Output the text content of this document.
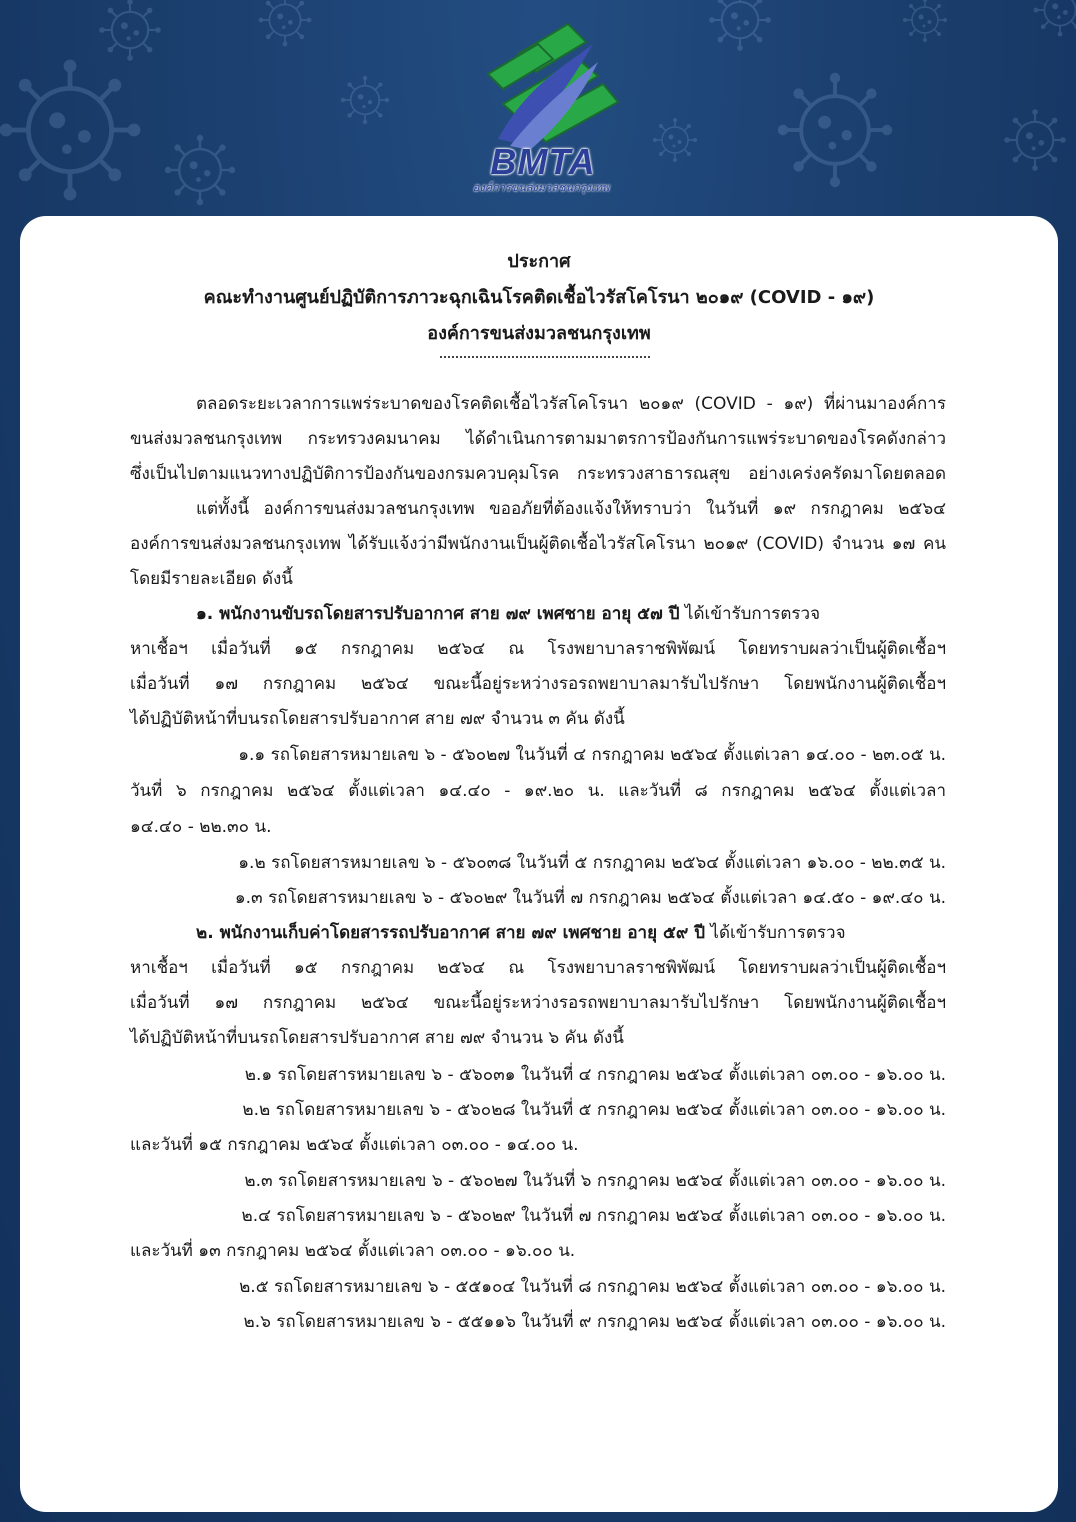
BMTA
องค์การขนส่งมวลชนกรุงเทพ
ประกาศ
คณะทำงานศูนย์ปฏิบัติการภาวะฉุกเฉินโรคติดเชื้อไวรัสโคโรนา ๒๐๑๙ (COVID - ๑๙)
องค์การขนส่งมวลชนกรุงเทพ
ตลอดระยะเวลาการแพร่ระบาดของโรคติดเชื้อไวรัสโคโรนา ๒๐๑๙ (COVID - ๑๙) ที่ผ่านมาองค์การ
ขนส่งมวลชนกรุงเทพ กระทรวงคมนาคม ได้ดำเนินการตามมาตรการป้องกันการแพร่ระบาดของโรคดังกล่าว
ซึ่งเป็นไปตามแนวทางปฏิบัติการป้องกันของกรมควบคุมโรค กระทรวงสาธารณสุข อย่างเคร่งครัดมาโดยตลอด
แต่ทั้งนี้ องค์การขนส่งมวลชนกรุงเทพ ขออภัยที่ต้องแจ้งให้ทราบว่า ในวันที่ ๑๙ กรกฎาคม ๒๕๖๔
องค์การขนส่งมวลชนกรุงเทพ ได้รับแจ้งว่ามีพนักงานเป็นผู้ติดเชื้อไวรัสโคโรนา ๒๐๑๙ (COVID) จำนวน ๑๗ คน
โดยมีรายละเอียด ดังนี้
๑. พนักงานขับรถโดยสารปรับอากาศ สาย ๗๙ เพศชาย อายุ ๕๗ ปี ได้เข้ารับการตรวจ
หาเชื้อฯ เมื่อวันที่ ๑๕ กรกฎาคม ๒๕๖๔ ณ โรงพยาบาลราชพิพัฒน์ โดยทราบผลว่าเป็นผู้ติดเชื้อฯ
เมื่อวันที่ ๑๗ กรกฎาคม ๒๕๖๔ ขณะนี้อยู่ระหว่างรอรถพยาบาลมารับไปรักษา โดยพนักงานผู้ติดเชื้อฯ
ได้ปฏิบัติหน้าที่บนรถโดยสารปรับอากาศ สาย ๗๙ จำนวน ๓ คัน ดังนี้
๑.๑ รถโดยสารหมายเลข ๖ - ๕๖๐๒๗ ในวันที่ ๔ กรกฎาคม ๒๕๖๔ ตั้งแต่เวลา ๑๔.๐๐ - ๒๓.๐๕ น.
วันที่ ๖ กรกฎาคม ๒๕๖๔ ตั้งแต่เวลา ๑๔.๔๐ - ๑๙.๒๐ น. และวันที่ ๘ กรกฎาคม ๒๕๖๔ ตั้งแต่เวลา
๑๔.๔๐ - ๒๒.๓๐ น.
๑.๒ รถโดยสารหมายเลข ๖ - ๕๖๐๓๘ ในวันที่ ๕ กรกฎาคม ๒๕๖๔ ตั้งแต่เวลา ๑๖.๐๐ - ๒๒.๓๕ น.
๑.๓ รถโดยสารหมายเลข ๖ - ๕๖๐๒๙ ในวันที่ ๗ กรกฎาคม ๒๕๖๔ ตั้งแต่เวลา ๑๔.๕๐ - ๑๙.๔๐ น.
๒. พนักงานเก็บค่าโดยสารรถปรับอากาศ สาย ๗๙ เพศชาย อายุ ๕๙ ปี ได้เข้ารับการตรวจ
หาเชื้อฯ เมื่อวันที่ ๑๕ กรกฎาคม ๒๕๖๔ ณ โรงพยาบาลราชพิพัฒน์ โดยทราบผลว่าเป็นผู้ติดเชื้อฯ
เมื่อวันที่ ๑๗ กรกฎาคม ๒๕๖๔ ขณะนี้อยู่ระหว่างรอรถพยาบาลมารับไปรักษา โดยพนักงานผู้ติดเชื้อฯ
ได้ปฏิบัติหน้าที่บนรถโดยสารปรับอากาศ สาย ๗๙ จำนวน ๖ คัน ดังนี้
๒.๑ รถโดยสารหมายเลข ๖ - ๕๖๐๓๑ ในวันที่ ๔ กรกฎาคม ๒๕๖๔ ตั้งแต่เวลา ๐๓.๐๐ - ๑๖.๐๐ น.
๒.๒ รถโดยสารหมายเลข ๖ - ๕๖๐๒๘ ในวันที่ ๕ กรกฎาคม ๒๕๖๔ ตั้งแต่เวลา ๐๓.๐๐ - ๑๖.๐๐ น.
และวันที่ ๑๕ กรกฎาคม ๒๕๖๔ ตั้งแต่เวลา ๐๓.๐๐ - ๑๔.๐๐ น.
๒.๓ รถโดยสารหมายเลข ๖ - ๕๖๐๒๗ ในวันที่ ๖ กรกฎาคม ๒๕๖๔ ตั้งแต่เวลา ๐๓.๐๐ - ๑๖.๐๐ น.
๒.๔ รถโดยสารหมายเลข ๖ - ๕๖๐๒๙ ในวันที่ ๗ กรกฎาคม ๒๕๖๔ ตั้งแต่เวลา ๐๓.๐๐ - ๑๖.๐๐ น.
และวันที่ ๑๓ กรกฎาคม ๒๕๖๔ ตั้งแต่เวลา ๐๓.๐๐ - ๑๖.๐๐ น.
๒.๕ รถโดยสารหมายเลข ๖ - ๕๕๑๐๔ ในวันที่ ๘ กรกฎาคม ๒๕๖๔ ตั้งแต่เวลา ๐๓.๐๐ - ๑๖.๐๐ น.
๒.๖ รถโดยสารหมายเลข ๖ - ๕๕๑๑๖ ในวันที่ ๙ กรกฎาคม ๒๕๖๔ ตั้งแต่เวลา ๐๓.๐๐ - ๑๖.๐๐ น.
